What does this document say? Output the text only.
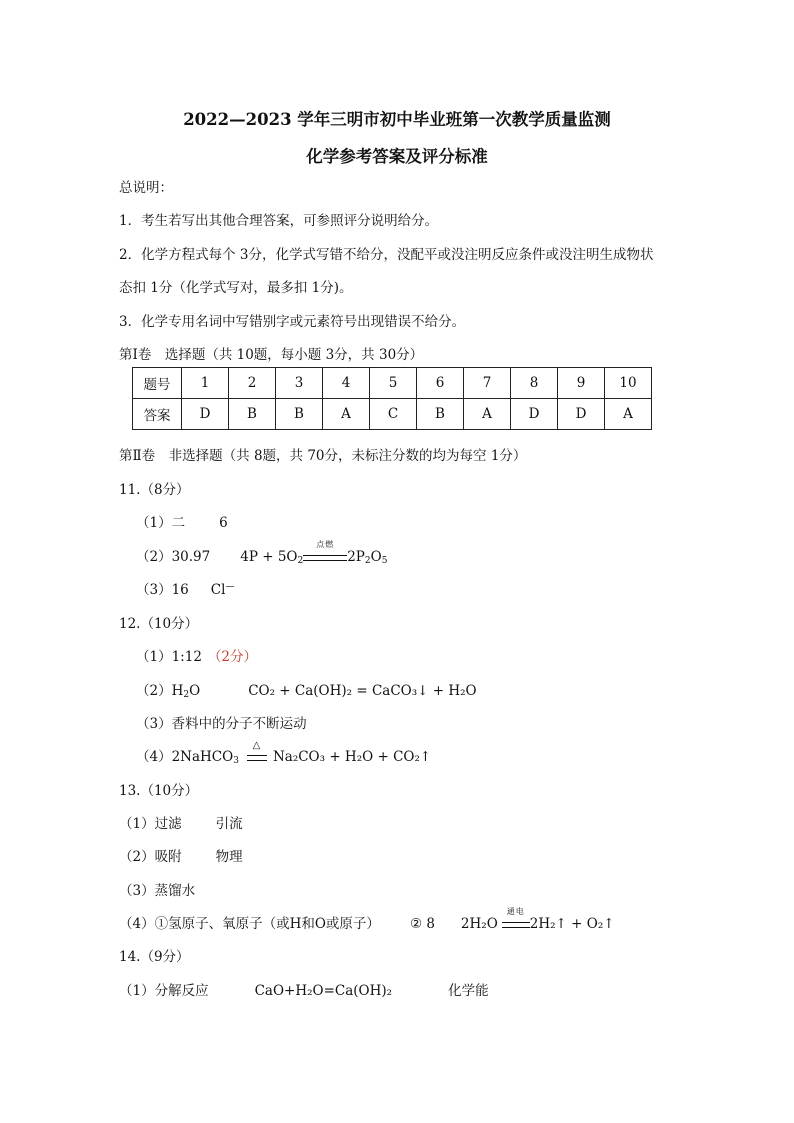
2022—2023 学年三明市初中毕业班第一次教学质量监测
化学参考答案及评分标准
总说明：
1．考生若写出其他合理答案，可参照评分说明给分。
2．化学方程式每个 3分，化学式写错不给分，没配平或没注明反应条件或没注明生成物状
态扣 1分（化学式写对，最多扣 1分)。
3．化学专用名词中写错别字或元素符号出现错误不给分。
第Ⅰ卷　选择题（共 10题，每小题 3分，共 30分）
题号	1	2	3	4	5	6	7	8	9	10
答案	D	B	B	A	C	B	A	D	D	A
第Ⅱ卷　非选择题（共 8题，共 70分，未标注分数的均为每空 1分）
11.（8分）
（1）二	6
（2）30.97 $4P + 5O_2$
点燃
$2P_2O_5$
（3）16 Cl—
12.（10分）
（1）1:12 （2分）
$(2)H_2O$	CO₂ + Ca(OH)₂ = CaCO₃↓ + H₂O
（3）香料中的分子不断运动
（4）2NaHCO$_3$
△
Na₂CO₃ + H₂O + CO₂↑
13.（10分）
（1）过滤	引流
（2）吸附	物理
（3）蒸馏水
（4）①氢原子、氧原子（或H和O或原子） ② 8 2H₂O
通电
2H₂↑ + O₂↑
14.（9分）
（1）分解反应	CaO+H₂O=Ca(OH)₂	化学能
